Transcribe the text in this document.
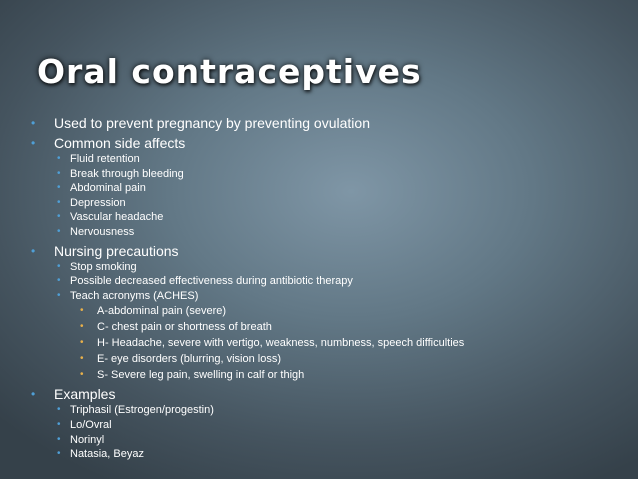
Oral contraceptives
• Used to prevent pregnancy by preventing ovulation
• Common side affects
• Fluid retention
• Break through bleeding
• Abdominal pain
• Depression
• Vascular headache
• Nervousness
• Nursing precautions
• Stop smoking
• Possible decreased effectiveness during antibiotic therapy
• Teach acronyms (ACHES)
• A-abdominal pain (severe)
• C- chest pain or shortness of breath
• H- Headache, severe with vertigo, weakness, numbness, speech difficulties
• E- eye disorders (blurring, vision loss)
• S- Severe leg pain, swelling in calf or thigh
• Examples
• Triphasil (Estrogen/progestin)
• Lo/Ovral
• Norinyl
• Natasia, Beyaz
